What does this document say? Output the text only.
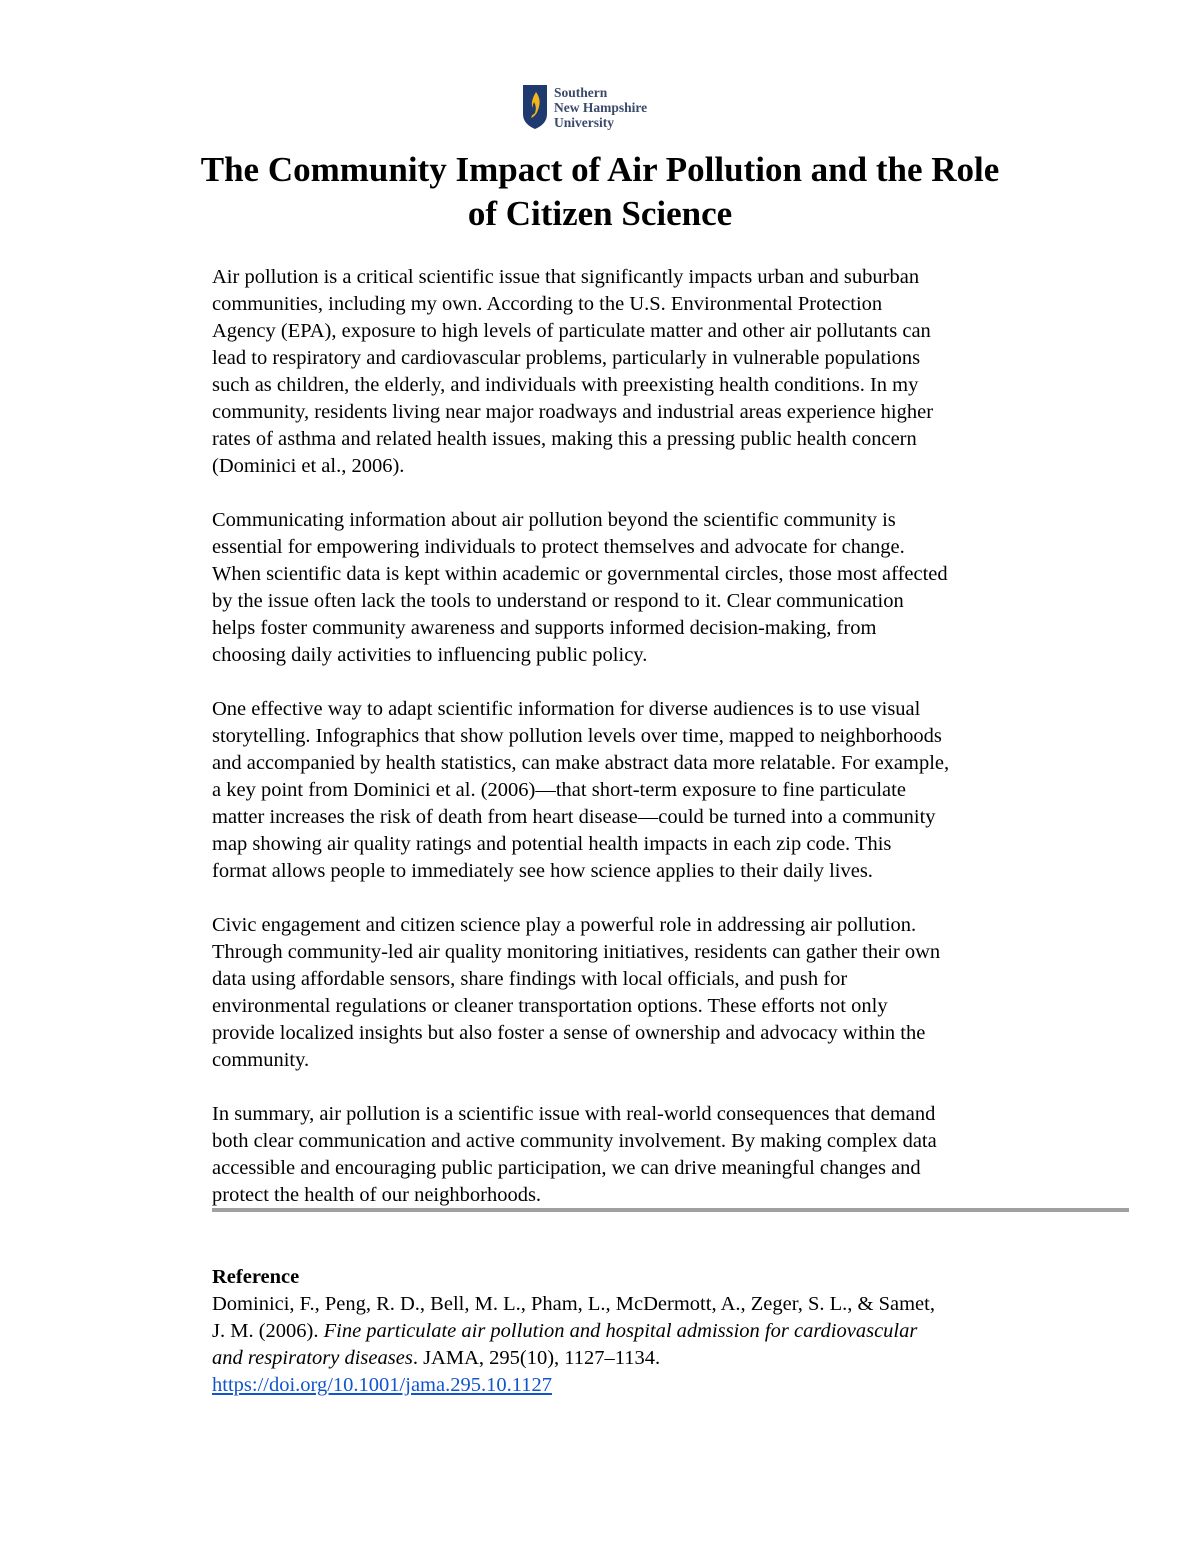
Southern
New Hampshire
University
The Community Impact of Air Pollution and the Role
of Citizen Science

Air pollution is a critical scientific issue that significantly impacts urban and suburban
communities, including my own. According to the U.S. Environmental Protection
Agency (EPA), exposure to high levels of particulate matter and other air pollutants can
lead to respiratory and cardiovascular problems, particularly in vulnerable populations
such as children, the elderly, and individuals with preexisting health conditions. In my
community, residents living near major roadways and industrial areas experience higher
rates of asthma and related health issues, making this a pressing public health concern
(Dominici et al., 2006).

Communicating information about air pollution beyond the scientific community is
essential for empowering individuals to protect themselves and advocate for change.
When scientific data is kept within academic or governmental circles, those most affected
by the issue often lack the tools to understand or respond to it. Clear communication
helps foster community awareness and supports informed decision-making, from
choosing daily activities to influencing public policy.

One effective way to adapt scientific information for diverse audiences is to use visual
storytelling. Infographics that show pollution levels over time, mapped to neighborhoods
and accompanied by health statistics, can make abstract data more relatable. For example,
a key point from Dominici et al. (2006)—that short-term exposure to fine particulate
matter increases the risk of death from heart disease—could be turned into a community
map showing air quality ratings and potential health impacts in each zip code. This
format allows people to immediately see how science applies to their daily lives.

Civic engagement and citizen science play a powerful role in addressing air pollution.
Through community-led air quality monitoring initiatives, residents can gather their own
data using affordable sensors, share findings with local officials, and push for
environmental regulations or cleaner transportation options. These efforts not only
provide localized insights but also foster a sense of ownership and advocacy within the
community.

In summary, air pollution is a scientific issue with real-world consequences that demand
both clear communication and active community involvement. By making complex data
accessible and encouraging public participation, we can drive meaningful changes and
protect the health of our neighborhoods.

Reference
Dominici, F., Peng, R. D., Bell, M. L., Pham, L., McDermott, A., Zeger, S. L., & Samet,
J. M. (2006). Fine particulate air pollution and hospital admission for cardiovascular
and respiratory diseases. JAMA, 295(10), 1127–1134.
https://doi.org/10.1001/jama.295.10.1127
